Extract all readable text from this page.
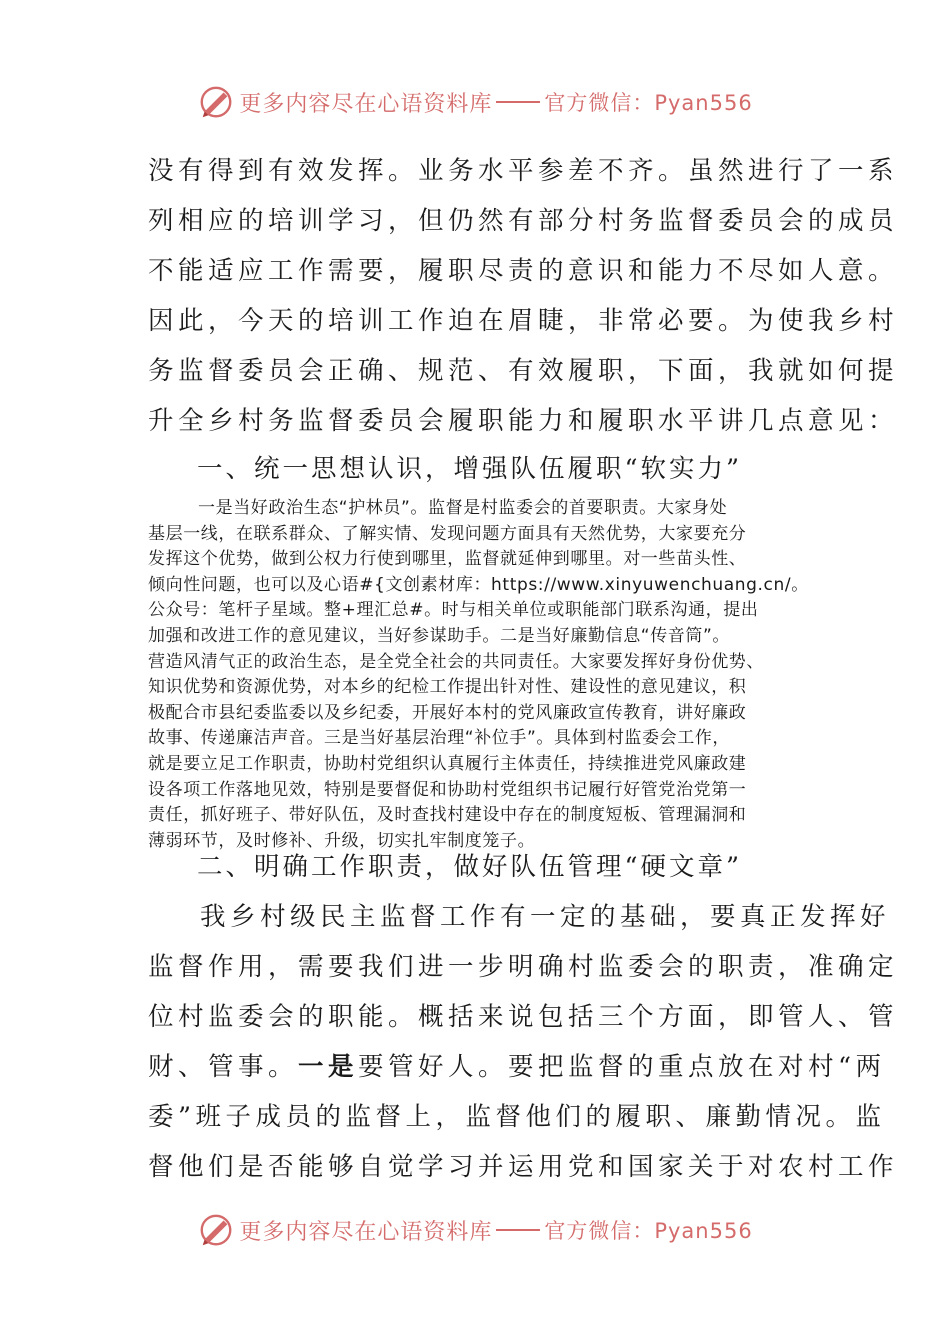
更多内容尽在心语资料库 官方微信：Pyan556

没有得到有效发挥。业务水平参差不齐。虽然进行了一系

列相应的培训学习，但仍然有部分村务监督委员会的成员

不能适应工作需要，履职尽责的意识和能力不尽如人意。

因此，今天的培训工作迫在眉睫，非常必要。为使我乡村

务监督委员会正确、规范、有效履职，下面，我就如何提

升全乡村务监督委员会履职能力和履职水平讲几点意见：

一、统一思想认识，增强队伍履职“软实力”

一是当好政治生态“护林员”。监督是村监委会的首要职责。大家身处

基层一线，在联系群众、了解实情、发现问题方面具有天然优势，大家要充分

发挥这个优势，做到公权力行使到哪里，监督就延伸到哪里。对一些苗头性、

倾向性问题，也可以及心语#{文创素材库：https://www.xinyuwenchuang.cn/。

公众号：笔杆子星域。整+理汇总#。时与相关单位或职能部门联系沟通，提出

加强和改进工作的意见建议，当好参谋助手。二是当好廉勤信息“传音筒”。

营造风清气正的政治生态，是全党全社会的共同责任。大家要发挥好身份优势、

知识优势和资源优势，对本乡的纪检工作提出针对性、建设性的意见建议，积

极配合市县纪委监委以及乡纪委，开展好本村的党风廉政宣传教育，讲好廉政

故事、传递廉洁声音。三是当好基层治理“补位手”。具体到村监委会工作，

就是要立足工作职责，协助村党组织认真履行主体责任，持续推进党风廉政建

设各项工作落地见效，特别是要督促和协助村党组织书记履行好管党治党第一

责任，抓好班子、带好队伍，及时查找村建设中存在的制度短板、管理漏洞和

薄弱环节，及时修补、升级，切实扎牢制度笼子。

二、明确工作职责，做好队伍管理“硬文章”

我乡村级民主监督工作有一定的基础，要真正发挥好

监督作用，需要我们进一步明确村监委会的职责，准确定

位村监委会的职能。概括来说包括三个方面，即管人、管

财、管事。一是要管好人。要把监督的重点放在对村“两

委”班子成员的监督上，监督他们的履职、廉勤情况。监

督他们是否能够自觉学习并运用党和国家关于对农村工作

更多内容尽在心语资料库 官方微信：Pyan556
